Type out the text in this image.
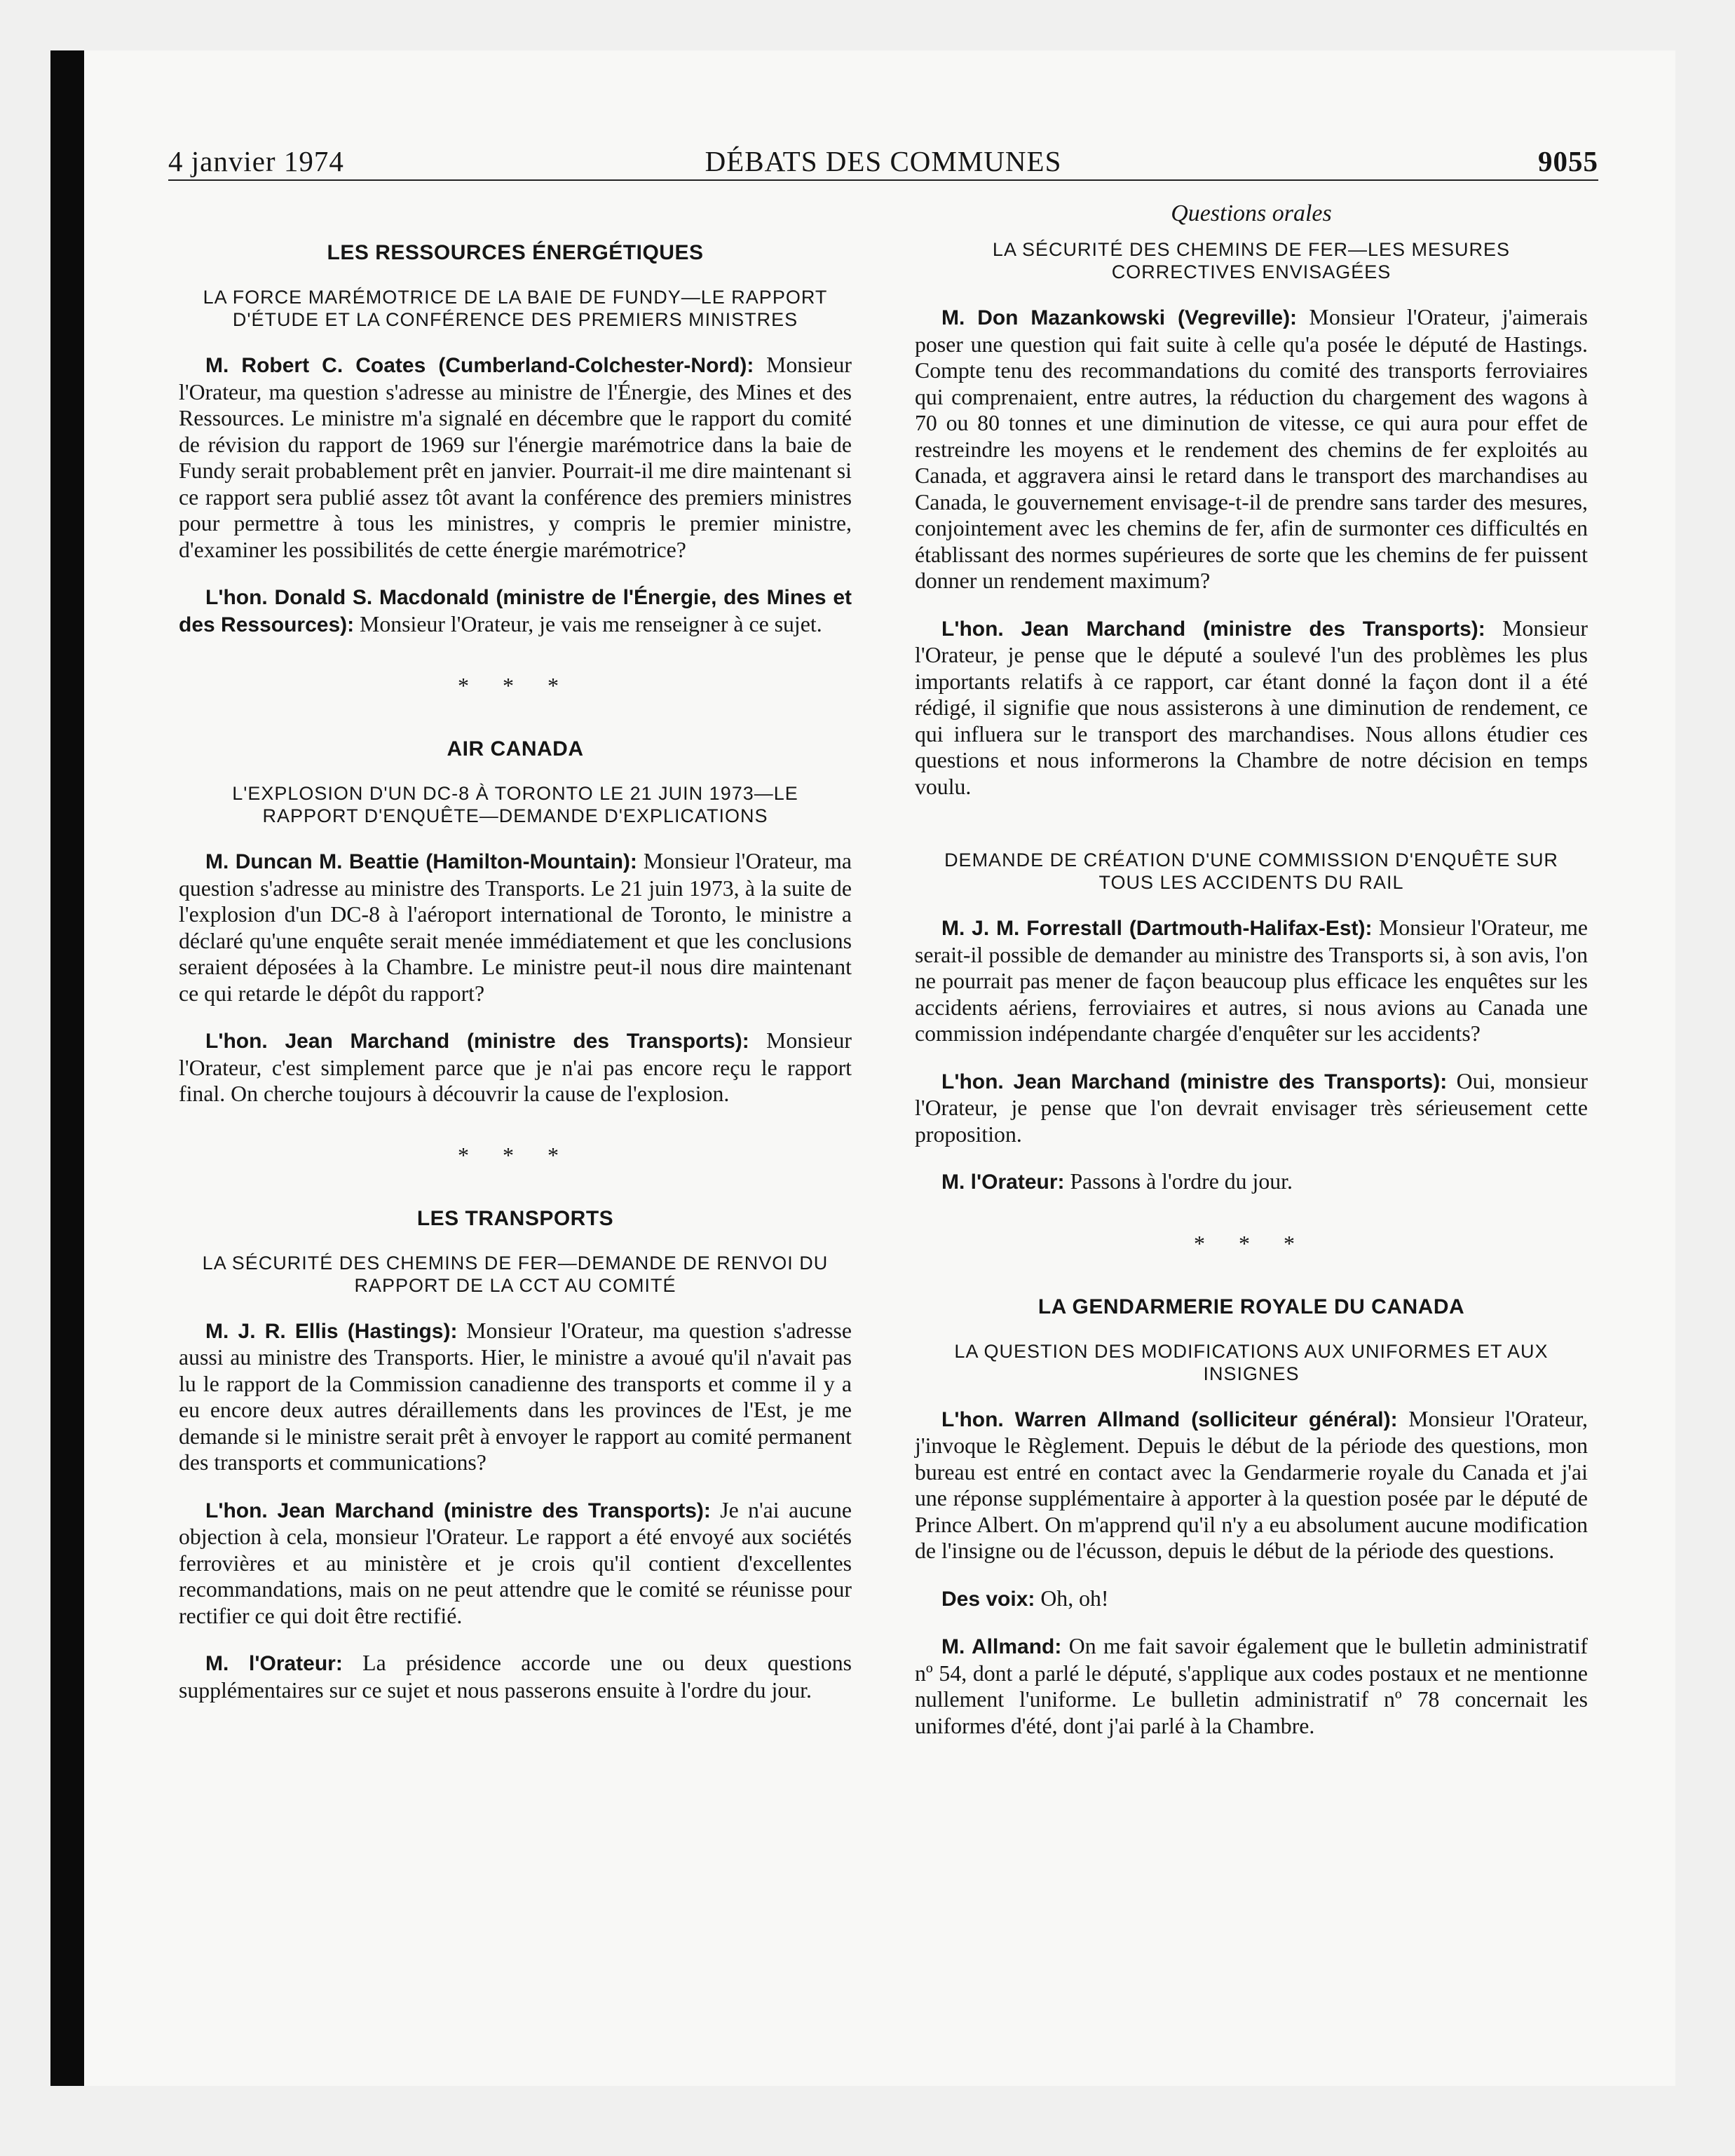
4 janvier 1974	DÉBATS DES COMMUNES	9055
LES RESSOURCES ÉNERGÉTIQUES
LA FORCE MARÉMOTRICE DE LA BAIE DE FUNDY—LE RAPPORT D'ÉTUDE ET LA CONFÉRENCE DES PREMIERS MINISTRES

M. Robert C. Coates (Cumberland-Colchester-Nord): Monsieur l'Orateur, ma question s'adresse au ministre de l'Énergie, des Mines et des Ressources. Le ministre m'a signalé en décembre que le rapport du comité de révision du rapport de 1969 sur l'énergie marémotrice dans la baie de Fundy serait probablement prêt en janvier. Pourrait-il me dire maintenant si ce rapport sera publié assez tôt avant la conférence des premiers ministres pour permettre à tous les ministres, y compris le premier ministre, d'examiner les possibilités de cette énergie marémotrice?

L'hon. Donald S. Macdonald (ministre de l'Énergie, des Mines et des Ressources): Monsieur l'Orateur, je vais me renseigner à ce sujet.

* * *
AIR CANADA
L'EXPLOSION D'UN DC-8 À TORONTO LE 21 JUIN 1973—LE RAPPORT D'ENQUÊTE—DEMANDE D'EXPLICATIONS

M. Duncan M. Beattie (Hamilton-Mountain): Monsieur l'Orateur, ma question s'adresse au ministre des Transports. Le 21 juin 1973, à la suite de l'explosion d'un DC-8 à l'aéroport international de Toronto, le ministre a déclaré qu'une enquête serait menée immédiatement et que les conclusions seraient déposées à la Chambre. Le ministre peut-il nous dire maintenant ce qui retarde le dépôt du rapport?

L'hon. Jean Marchand (ministre des Transports): Monsieur l'Orateur, c'est simplement parce que je n'ai pas encore reçu le rapport final. On cherche toujours à découvrir la cause de l'explosion.

* * *
LES TRANSPORTS
LA SÉCURITÉ DES CHEMINS DE FER—DEMANDE DE RENVOI DU RAPPORT DE LA CCT AU COMITÉ

M. J. R. Ellis (Hastings): Monsieur l'Orateur, ma question s'adresse aussi au ministre des Transports. Hier, le ministre a avoué qu'il n'avait pas lu le rapport de la Commission canadienne des transports et comme il y a eu encore deux autres déraillements dans les provinces de l'Est, je me demande si le ministre serait prêt à envoyer le rapport au comité permanent des transports et communications?

L'hon. Jean Marchand (ministre des Transports): Je n'ai aucune objection à cela, monsieur l'Orateur. Le rapport a été envoyé aux sociétés ferrovières et au ministère et je crois qu'il contient d'excellentes recommandations, mais on ne peut attendre que le comité se réunisse pour rectifier ce qui doit être rectifié.

M. l'Orateur: La présidence accorde une ou deux questions supplémentaires sur ce sujet et nous passerons ensuite à l'ordre du jour.

Questions orales
LA SÉCURITÉ DES CHEMINS DE FER—LES MESURES CORRECTIVES ENVISAGÉES

M. Don Mazankowski (Vegreville): Monsieur l'Orateur, j'aimerais poser une question qui fait suite à celle qu'a posée le député de Hastings. Compte tenu des recommandations du comité des transports ferroviaires qui comprenaient, entre autres, la réduction du chargement des wagons à 70 ou 80 tonnes et une diminution de vitesse, ce qui aura pour effet de restreindre les moyens et le rendement des chemins de fer exploités au Canada, et aggravera ainsi le retard dans le transport des marchandises au Canada, le gouvernement envisage-t-il de prendre sans tarder des mesures, conjointement avec les chemins de fer, afin de surmonter ces difficultés en établissant des normes supérieures de sorte que les chemins de fer puissent donner un rendement maximum?

L'hon. Jean Marchand (ministre des Transports): Monsieur l'Orateur, je pense que le député a soulevé l'un des problèmes les plus importants relatifs à ce rapport, car étant donné la façon dont il a été rédigé, il signifie que nous assisterons à une diminution de rendement, ce qui influera sur le transport des marchandises. Nous allons étudier ces questions et nous informerons la Chambre de notre décision en temps voulu.

DEMANDE DE CRÉATION D'UNE COMMISSION D'ENQUÊTE SUR TOUS LES ACCIDENTS DU RAIL

M. J. M. Forrestall (Dartmouth-Halifax-Est): Monsieur l'Orateur, me serait-il possible de demander au ministre des Transports si, à son avis, l'on ne pourrait pas mener de façon beaucoup plus efficace les enquêtes sur les accidents aériens, ferroviaires et autres, si nous avions au Canada une commission indépendante chargée d'enquêter sur les accidents?

L'hon. Jean Marchand (ministre des Transports): Oui, monsieur l'Orateur, je pense que l'on devrait envisager très sérieusement cette proposition.

M. l'Orateur: Passons à l'ordre du jour.

* * *
LA GENDARMERIE ROYALE DU CANADA
LA QUESTION DES MODIFICATIONS AUX UNIFORMES ET AUX INSIGNES

L'hon. Warren Allmand (solliciteur général): Monsieur l'Orateur, j'invoque le Règlement. Depuis le début de la période des questions, mon bureau est entré en contact avec la Gendarmerie royale du Canada et j'ai une réponse supplémentaire à apporter à la question posée par le député de Prince Albert. On m'apprend qu'il n'y a eu absolument aucune modification de l'insigne ou de l'écusson, depuis le début de la période des questions.

Des voix: Oh, oh!

M. Allmand: On me fait savoir également que le bulletin administratif nº 54, dont a parlé le député, s'applique aux codes postaux et ne mentionne nullement l'uniforme. Le bulletin administratif nº 78 concernait les uniformes d'été, dont j'ai parlé à la Chambre.
